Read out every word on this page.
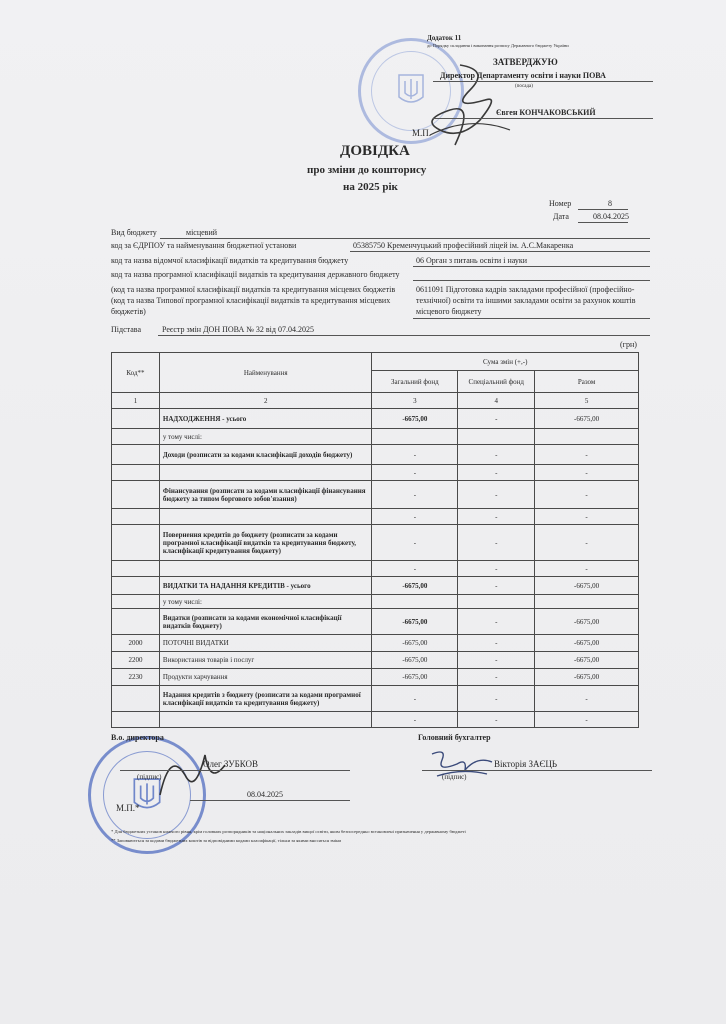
Додаток 11
до Порядку складання і виконання розпису Державного бюджету України
ЗАТВЕРДЖУЮ
Директор Департаменту освіти і науки ПОВА
(посада)
Євген КОНЧАКОВСЬКИЙ
М.П.
ДОВІДКА
про зміни до кошторису
на 2025 рік
Номер	8
Дата	08.04.2025
Вид бюджету	місцевий
код за ЄДРПОУ та найменування бюджетної установи	05385750 Кременчуцький професійний ліцей ім. А.С.Макаренка
код та назва відомчої класифікації видатків та кредитування бюджету	06 Орган з питань освіти і науки
код та назва програмної класифікації видатків та кредитування державного бюджету
(код та назва програмної класифікації видатків та кредитування місцевих бюджетів
(код та назва Типової програмної класифікації видатків та кредитування місцевих
бюджетів)
0611091 Підготовка кадрів закладами професійної (професійно-
технічної) освіти та іншими закладами освіти за рахунок коштів
місцевого бюджету
Підстава	Реєстр змін ДОН ПОВА № 32 від 07.04.2025
(грн)
Код**	Найменування	Сума змін (+,-)		
		Загальний фонд	Спеціальний фонд	Разом
1	2	3	4	5
	НАДХОДЖЕННЯ - усього	-6675,00	-	-6675,00
	у тому числі:			
	Доходи (розписати за кодами класифікації доходів бюджету)	-	-	-
		-	-	-
	Фінансування (розписати за кодами класифікації фінансування бюджету за типом боргового зобов'язання)	-	-	-
		-	-	-
	Повернення кредитів до бюджету (розписати за кодами програмної класифікації видатків та кредитування бюджету, класифікації кредитування бюджету)	-	-	-
		-	-	-
	ВИДАТКИ ТА НАДАННЯ КРЕДИТІВ - усього	-6675,00	-	-6675,00
	у тому числі:			
	Видатки (розписати за кодами економічної класифікації видатків бюджету)	-6675,00	-	-6675,00
2000	ПОТОЧНІ ВИДАТКИ	-6675,00	-	-6675,00
2200	Використання товарів і послуг	-6675,00	-	-6675,00
2230	Продукти харчування	-6675,00	-	-6675,00
	Надання кредитів з бюджету (розписати за кодами програмної класифікації видатків та кредитування бюджету)	-	-	-
		-	-	-
В.о. директора
Олег ЗУБКОВ
(підпис)
Головний бухгалтер
Вікторія ЗАЄЦЬ
(підпис)
М.П.*
08.04.2025
* Для бюджетних установ нижчого рівня, крім головних розпорядників та національних закладів вищої освіти, яким безпосередньо встановлені призначення у державному бюджеті
** Заповнюється за кодами бюджетних коштів за відповідними кодами класифікації, тільки за якими вносяться зміни
